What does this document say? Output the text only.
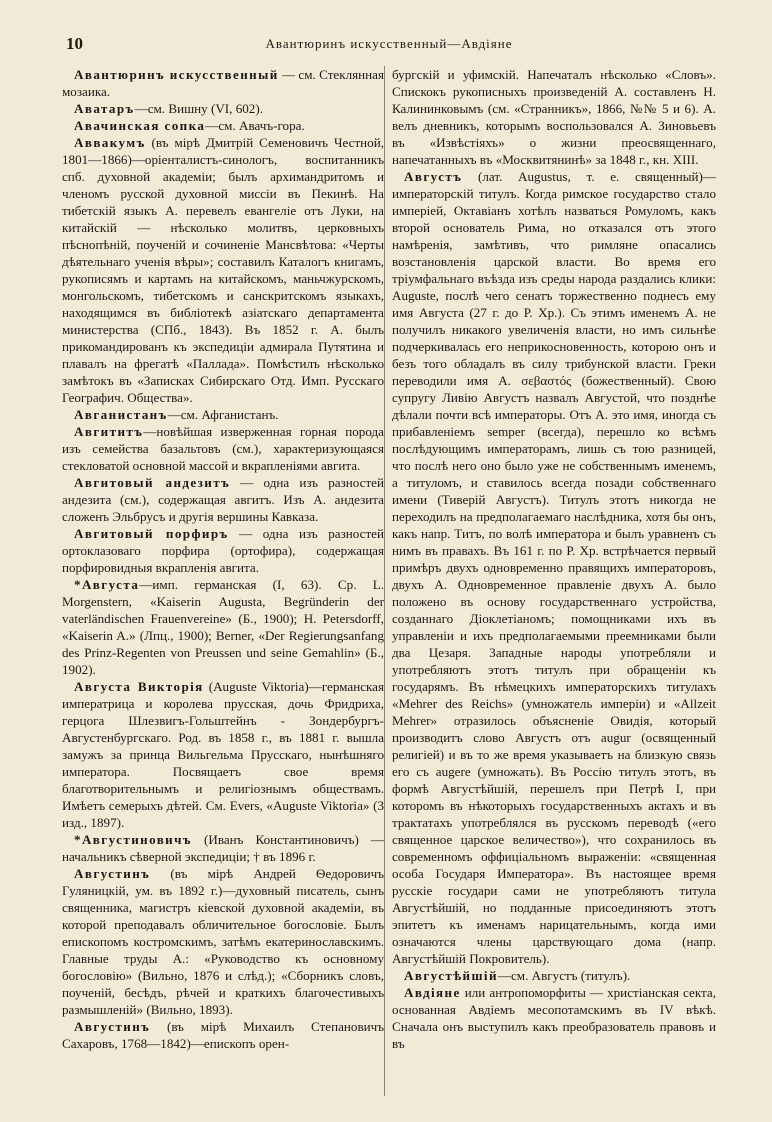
10	Авантюринъ искусственный—Авдiяне

Авантюринъ искусственный — см. Стеклянная мозаика.

Аватаръ—см. Вишну (VI, 602).

Авачинская сопка—см. Авачъ-гора.

Аввакумъ (въ мірѣ Дмитрій Семеновичъ Честной, 1801—1866)—оріенталистъ-синологъ, воспитанникъ спб. духовной академіи; былъ архимандритомъ и членомъ русской духовной миссіи въ Пекинѣ. На тибетскій языкъ А. перевелъ евангеліе отъ Луки, на китайскій — нѣсколько молитвъ, церковныхъ пѣснопѣній, поученій и сочиненіе Мансвѣтова: «Черты дѣятельнаго ученія вѣры»; составилъ Каталогъ книгамъ, рукописямъ и картамъ на китайскомъ, маньчжурскомъ, монгольскомъ, тибетскомъ и санскритскомъ языкахъ, находящимся въ библіотекѣ азіатскаго департамента министерства (СПб., 1843). Въ 1852 г. А. былъ прикомандированъ къ экспедиціи адмирала Путятина и плавалъ на фрегатѣ «Паллада». Помѣстилъ нѣсколько замѣтокъ въ «Записках Сибирскаго Отд. Имп. Русскаго Географич. Общества».

Авганистанъ—см. Афганистанъ.

Авгититъ—новѣйшая изверженная горная порода изъ семейства базальтовъ (см.), характеризующаяся стекловатой основной массой и вкрапленіями авгита.

Авгитовый андезитъ — одна изъ разностей андезита (см.), содержащая авгитъ. Изъ А. андезита сложенъ Эльбрусъ и другія вершины Кавказа.

Авгитовый порфиръ — одна изъ разностей ортоклазоваго порфира (ортофира), содержащая порфировидныя вкрапленія авгита.

*Августа—имп. германская (I, 63). Ср. L. Morgenstern, «Kaiserin Augusta, Begründerin der vaterländischen Frauenvereine» (Б., 1900); H. Petersdorff, «Kaiserin A.» (Лпц., 1900); Berner, «Der Regierungsanfang des Prinz-Regenten von Preussen und seine Gemahlin» (Б., 1902).

Августа Викторія (Auguste Viktoria)—германская императрица и королева прусская, дочь Фридриха, герцога Шлезвигъ-Гольштейнъ - Зондербургъ-Августенбургскаго. Род. въ 1858 г., въ 1881 г. вышла замужъ за принца Вильгельма Прусскаго, нынѣшняго императора. Посвящаетъ свое время благотворительнымъ и религіознымъ обществамъ. Имѣетъ семерыхъ дѣтей. См. Evers, «Auguste Viktoria» (3 изд., 1897).

*Августиновичъ (Иванъ Константиновичъ) — начальникъ сѣверной экспедиціи; † въ 1896 г.

Августинъ (въ мірѣ Андрей Ѳедоровичъ Гуляницкій, ум. въ 1892 г.)—духовный писатель, сынъ священника, магистръ кіевской духовной академіи, въ которой преподавалъ обличительное богословіе. Былъ епископомъ костромскимъ, затѣмъ екатеринославскимъ. Главные труды А.: «Руководство къ основному богословію» (Вильно, 1876 и слѣд.); «Сборникъ словъ, поученій, бесѣдъ, рѣчей и краткихъ благочестивыхъ размышленій» (Вильно, 1893).

Августинъ (въ мірѣ Михаилъ Степановичъ Сахаровъ, 1768—1842)—епископъ орен-

бургскій и уфимскій. Напечаталъ нѣсколько «Словъ». Спискокъ рукописныхъ произведеній А. составленъ Н. Калининковымъ (см. «Странникъ», 1866, №№ 5 и 6). А. велъ дневникъ, которымъ воспользовался А. Зиновьевъ въ «Извѣстіяхъ» о жизни преосвященнаго, напечатанныхъ въ «Москвитянинѣ» за 1848 г., кн. XIII.

Августъ (лат. Augustus, т. е. священный)—императорскій титулъ. Когда римское государство стало имперіей, Октавіанъ хотѣлъ назваться Ромуломъ, какъ второй основатель Рима, но отказался отъ этого намѣренія, замѣтивъ, что римляне опасались возстановленія царской власти. Во время его тріумфальнаго въѣзда изъ среды народа раздались клики: Auguste, послѣ чего сенатъ торжественно поднесъ ему имя Августа (27 г. до Р. Хр.). Съ этимъ именемъ А. не получилъ никакого увеличенія власти, но имъ сильнѣе подчеркивалась его неприкосновенность, которою онъ и безъ того обладалъ въ силу трибунской власти. Греки переводили имя А. σεβαστός (божественный). Свою супругу Ливію Августъ назвалъ Августой, что позднѣе дѣлали почти всѣ императоры. Отъ А. это имя, иногда съ прибавленіемъ semper (всегда), перешло ко всѣмъ послѣдующимъ императорамъ, лишь съ тою разницей, что послѣ него оно было уже не собственнымъ именемъ, а титуломъ, и ставилось всегда позади собственнаго имени (Тиверій Августъ). Титулъ этотъ никогда не переходилъ на предполагаемаго наслѣдника, хотя бы онъ, какъ напр. Титъ, по волѣ императора и былъ уравненъ съ нимъ въ правахъ. Въ 161 г. по Р. Хр. встрѣчается первый примѣръ двухъ одновременно правящихъ императоровъ, двухъ А. Одновременное правленіе двухъ А. было положено въ основу государственнаго устройства, созданнаго Діоклетіаномъ; помощниками ихъ въ управленіи и ихъ предполагаемыми преемниками были два Цезаря. Западные народы употребляли и употребляютъ этотъ титулъ при обращеніи къ государямъ. Въ нѣмецкихъ императорскихъ титулахъ «Mehrer des Reichs» (умножатель имперіи) и «Allzeit Mehrer» отразилось объясненіе Овидія, который производитъ слово Августъ отъ augur (освященный религіей) и въ то же время указываетъ на близкую связь его съ augere (умножать). Въ Россію титулъ этотъ, въ формѣ Августѣйшій, перешелъ при Петрѣ I, при которомъ въ нѣкоторыхъ государственныхъ актахъ и въ трактатахъ употреблялся въ русскомъ переводѣ («его священное царское величество»), что сохранилось въ современномъ оффиціальномъ выраженіи: «священная особа Государя Императора». Въ настоящее время русскіе государи сами не употребляютъ титула Августѣйшій, но подданные присоединяютъ этотъ эпитетъ къ именамъ нарицательнымъ, когда ими означаются члены царствующаго дома (напр. Августѣйшій Покровитель).

Августѣйшій—см. Августъ (титулъ).

Авдiяне или антропоморфиты — христіанская секта, основанная Авдіемъ месопотамскимъ въ IV вѣкѣ. Сначала онъ выступилъ какъ преобразователь правовъ и въ
